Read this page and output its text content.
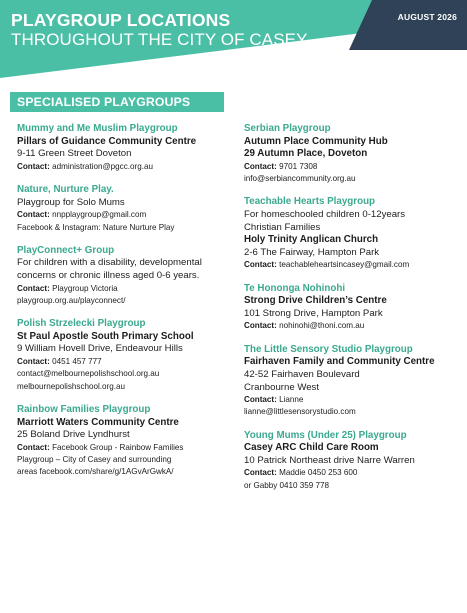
PLAYGROUP LOCATIONS
THROUGHOUT THE CITY OF CASEY
AUGUST 2026
SPECIALISED PLAYGROUPS
Mummy and Me Muslim Playgroup
Pillars of Guidance Community Centre
9-11 Green Street Doveton
Contact: administration@pgcc.org.au
Nature, Nurture Play.
Playgroup for Solo Mums
Contact: nnpplaygroup@gmail.com
Facebook & Instagram: Nature Nurture Play
PlayConnect+ Group
For children with a disability, developmental
concerns or chronic illness aged 0-6 years.
Contact: Playgroup Victoria
playgroup.org.au/playconnect/
Polish Strzelecki Playgroup
St Paul Apostle South Primary School
9 William Hovell Drive, Endeavour Hills
Contact: 0451 457 777
contact@melbournepolishschool.org.au
melbournepolishschool.org.au
Rainbow Families Playgroup
Marriott Waters Community Centre
25 Boland Drive Lyndhurst
Contact: Facebook Group - Rainbow Families
Playgroup – City of Casey and surrounding
areas facebook.com/share/g/1AGvArGwkA/
Serbian Playgroup
Autumn Place Community Hub
29 Autumn Place, Doveton
Contact: 9701 7308
info@serbiancommunity.org.au
Teachable Hearts Playgroup
For homeschooled children 0-12years
Christian Families
Holy Trinity Anglican Church
2-6 The Fairway, Hampton Park
Contact: teachableheartsincasey@gmail.com
Te Hononga Nohinohi
Strong Drive Children’s Centre
101 Strong Drive, Hampton Park
Contact: nohinohi@thoni.com.au
The Little Sensory Studio Playgroup
Fairhaven Family and Community Centre
42-52 Fairhaven Boulevard
Cranbourne West
Contact: Lianne
lianne@littlesensorystudio.com
Young Mums (Under 25) Playgroup
Casey ARC Child Care Room
10 Patrick Northeast drive Narre Warren
Contact: Maddie 0450 253 600
or Gabby 0410 359 778
